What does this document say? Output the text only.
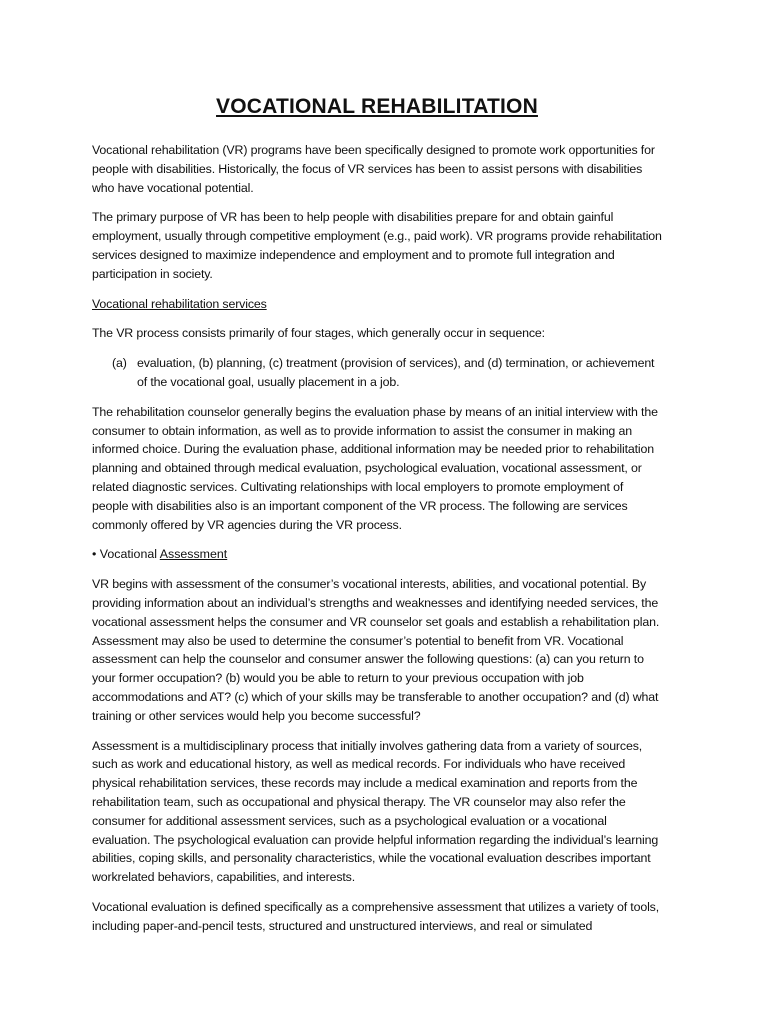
VOCATIONAL REHABILITATION

Vocational rehabilitation (VR) programs have been specifically designed to promote work opportunities for people with disabilities. Historically, the focus of VR services has been to assist persons with disabilities who have vocational potential.

The primary purpose of VR has been to help people with disabilities prepare for and obtain gainful employment, usually through competitive employment (e.g., paid work). VR programs provide rehabilitation services designed to maximize independence and employment and to promote full integration and participation in society.

Vocational rehabilitation services

The VR process consists primarily of four stages, which generally occur in sequence:

(a) evaluation, (b) planning, (c) treatment (provision of services), and (d) termination, or achievement of the vocational goal, usually placement in a job.

The rehabilitation counselor generally begins the evaluation phase by means of an initial interview with the consumer to obtain information, as well as to provide information to assist the consumer in making an informed choice. During the evaluation phase, additional information may be needed prior to rehabilitation planning and obtained through medical evaluation, psychological evaluation, vocational assessment, or related diagnostic services. Cultivating relationships with local employers to promote employment of people with disabilities also is an important component of the VR process. The following are services commonly offered by VR agencies during the VR process.

• Vocational Assessment

VR begins with assessment of the consumer’s vocational interests, abilities, and vocational potential. By providing information about an individual’s strengths and weaknesses and identifying needed services, the vocational assessment helps the consumer and VR counselor set goals and establish a rehabilitation plan. Assessment may also be used to determine the consumer’s potential to benefit from VR. Vocational assessment can help the counselor and consumer answer the following questions: (a) can you return to your former occupation? (b) would you be able to return to your previous occupation with job accommodations and AT? (c) which of your skills may be transferable to another occupation? and (d) what training or other services would help you become successful?

Assessment is a multidisciplinary process that initially involves gathering data from a variety of sources, such as work and educational history, as well as medical records. For individuals who have received physical rehabilitation services, these records may include a medical examination and reports from the rehabilitation team, such as occupational and physical therapy. The VR counselor may also refer the consumer for additional assessment services, such as a psychological evaluation or a vocational evaluation. The psychological evaluation can provide helpful information regarding the individual’s learning abilities, coping skills, and personality characteristics, while the vocational evaluation describes important workrelated behaviors, capabilities, and interests.

Vocational evaluation is defined specifically as a comprehensive assessment that utilizes a variety of tools, including paper-and-pencil tests, structured and unstructured interviews, and real or simulated
